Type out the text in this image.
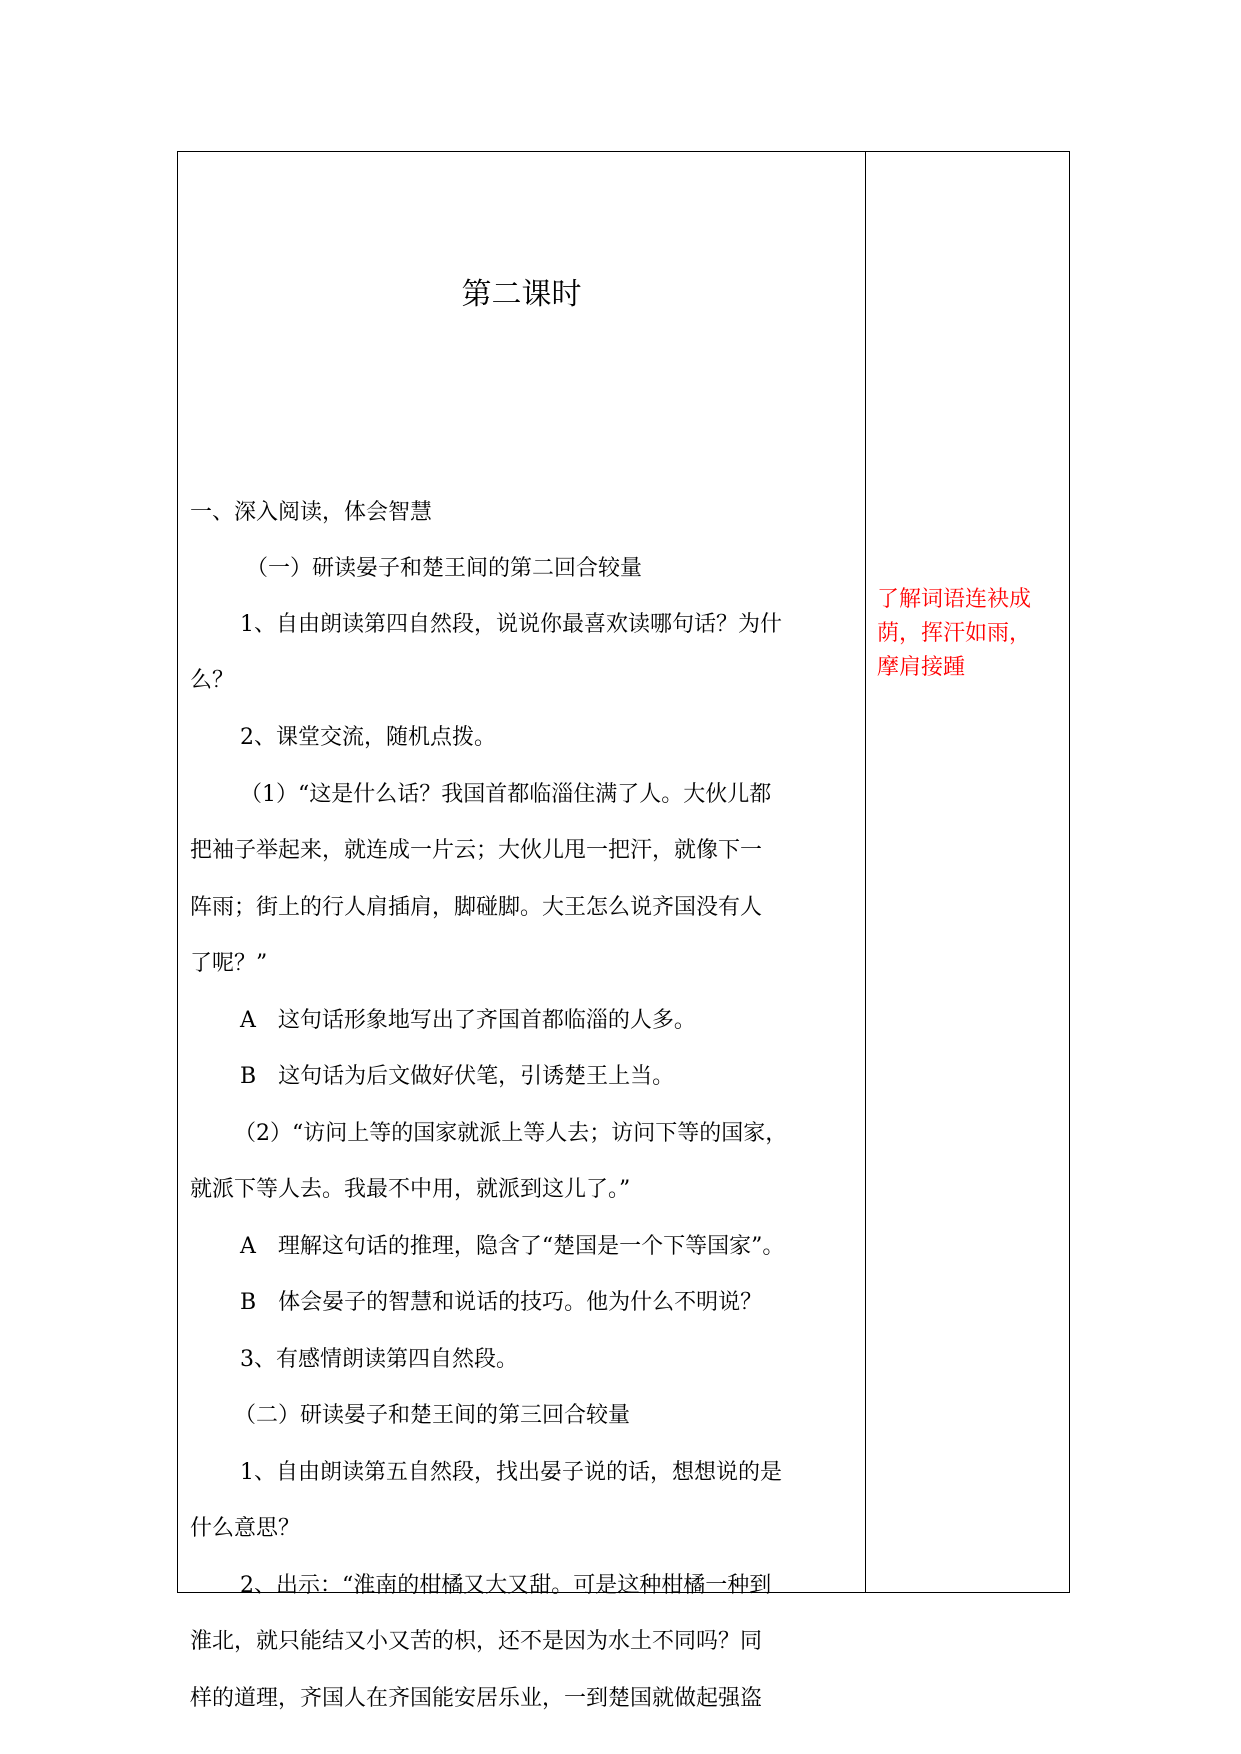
第二课时
一、深入阅读，体会智慧
（一）研读晏子和楚王间的第二回合较量
1、自由朗读第四自然段，说说你最喜欢读哪句话？为什
么？
2、课堂交流，随机点拨。
（1）“这是什么话？我国首都临淄住满了人。大伙儿都
把袖子举起来，就连成一片云；大伙儿甩一把汗，就像下一
阵雨；街上的行人肩插肩，脚碰脚。大王怎么说齐国没有人
了呢？”
A　这句话形象地写出了齐国首都临淄的人多。
B　这句话为后文做好伏笔，引诱楚王上当。
（2）“访问上等的国家就派上等人去；访问下等的国家，
就派下等人去。我最不中用，就派到这儿了。”
A　理解这句话的推理，隐含了“楚国是一个下等国家”。
B　体会晏子的智慧和说话的技巧。他为什么不明说？
3、有感情朗读第四自然段。
（二）研读晏子和楚王间的第三回合较量
1、自由朗读第五自然段，找出晏子说的话，想想说的是
什么意思？
2、出示：“淮南的柑橘又大又甜。可是这种柑橘一种到
淮北，就只能结又小又苦的枳，还不是因为水土不同吗？同
样的道理，齐国人在齐国能安居乐业，一到楚国就做起强盗
了解词语连袂成
荫，挥汗如雨，
摩肩接踵
